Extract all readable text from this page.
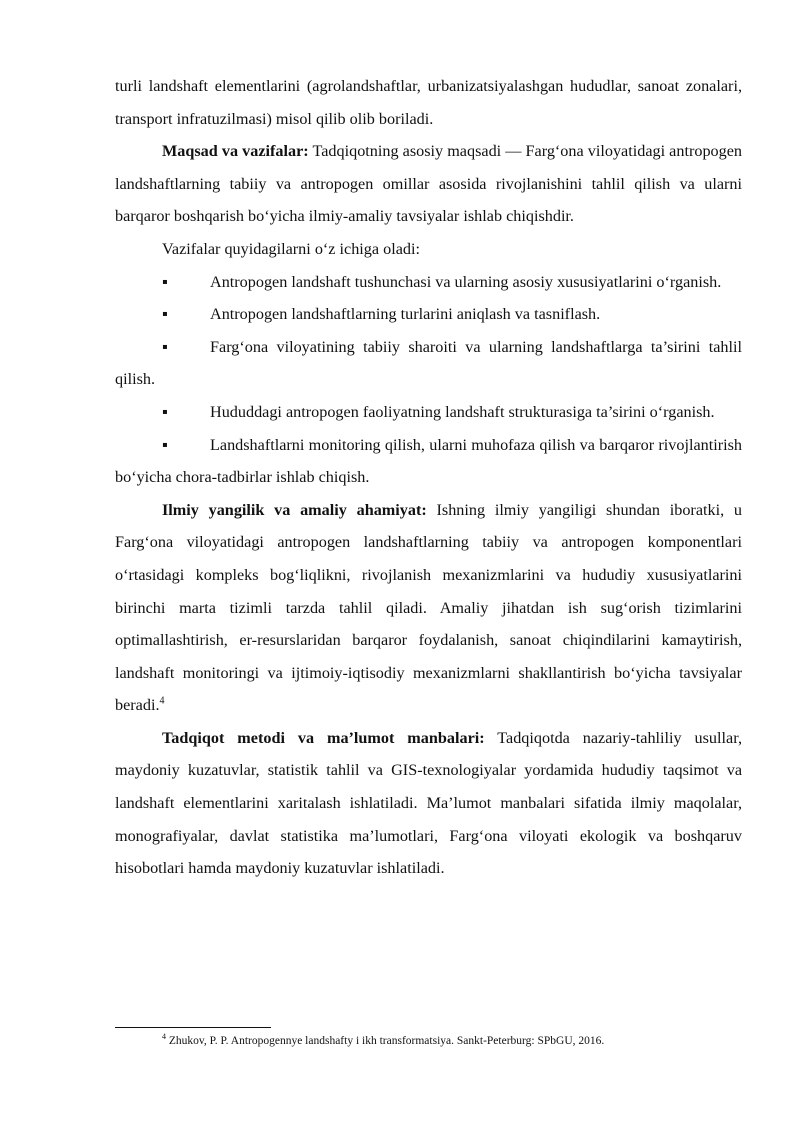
turli landshaft elementlarini (agrolandshaftlar, urbanizatsiyalashgan hududlar, sanoat zonalari, transport infratuzilmasi) misol qilib olib boriladi.

Maqsad va vazifalar: Tadqiqotning asosiy maqsadi — Farg‘ona viloyatidagi antropogen landshaftlarning tabiiy va antropogen omillar asosida rivojlanishini tahlil qilish va ularni barqaror boshqarish bo‘yicha ilmiy-amaliy tavsiyalar ishlab chiqishdir.

Vazifalar quyidagilarni o‘z ichiga oladi:

▪	Antropogen landshaft tushunchasi va ularning asosiy xususiyatlarini o‘rganish.

▪	Antropogen landshaftlarning turlarini aniqlash va tasniflash.

▪	Farg‘ona viloyatining tabiiy sharoiti va ularning landshaftlarga ta’sirini tahlil qilish.

▪	Hududdagi antropogen faoliyatning landshaft strukturasiga ta’sirini o‘rganish.

▪	Landshaftlarni monitoring qilish, ularni muhofaza qilish va barqaror rivojlantirish bo‘yicha chora-tadbirlar ishlab chiqish.

Ilmiy yangilik va amaliy ahamiyat: Ishning ilmiy yangiligi shundan iboratki, u Farg‘ona viloyatidagi antropogen landshaftlarning tabiiy va antropogen komponentlari o‘rtasidagi kompleks bog‘liqlikni, rivojlanish mexanizmlarini va hududiy xususiyatlarini birinchi marta tizimli tarzda tahlil qiladi. Amaliy jihatdan ish sug‘orish tizimlarini optimallashtirish, er-resurslaridan barqaror foydalanish, sanoat chiqindilarini kamaytirish, landshaft monitoringi va ijtimoiy-iqtisodiy mexanizmlarni shakllantirish bo‘yicha tavsiyalar beradi.$^4$

Tadqiqot metodi va ma’lumot manbalari: Tadqiqotda nazariy-tahliliy usullar, maydoniy kuzatuvlar, statistik tahlil va GIS-texnologiyalar yordamida hududiy taqsimot va landshaft elementlarini xaritalash ishlatiladi. Ma’lumot manbalari sifatida ilmiy maqolalar, monografiyalar, davlat statistika ma’lumotlari, Farg‘ona viloyati ekologik va boshqaruv hisobotlari hamda maydoniy kuzatuvlar ishlatiladi.

$^4$ Zhukov, P. P. Antropogennye landshafty i ikh transformatsiya. Sankt-Peterburg: SPbGU, 2016.
